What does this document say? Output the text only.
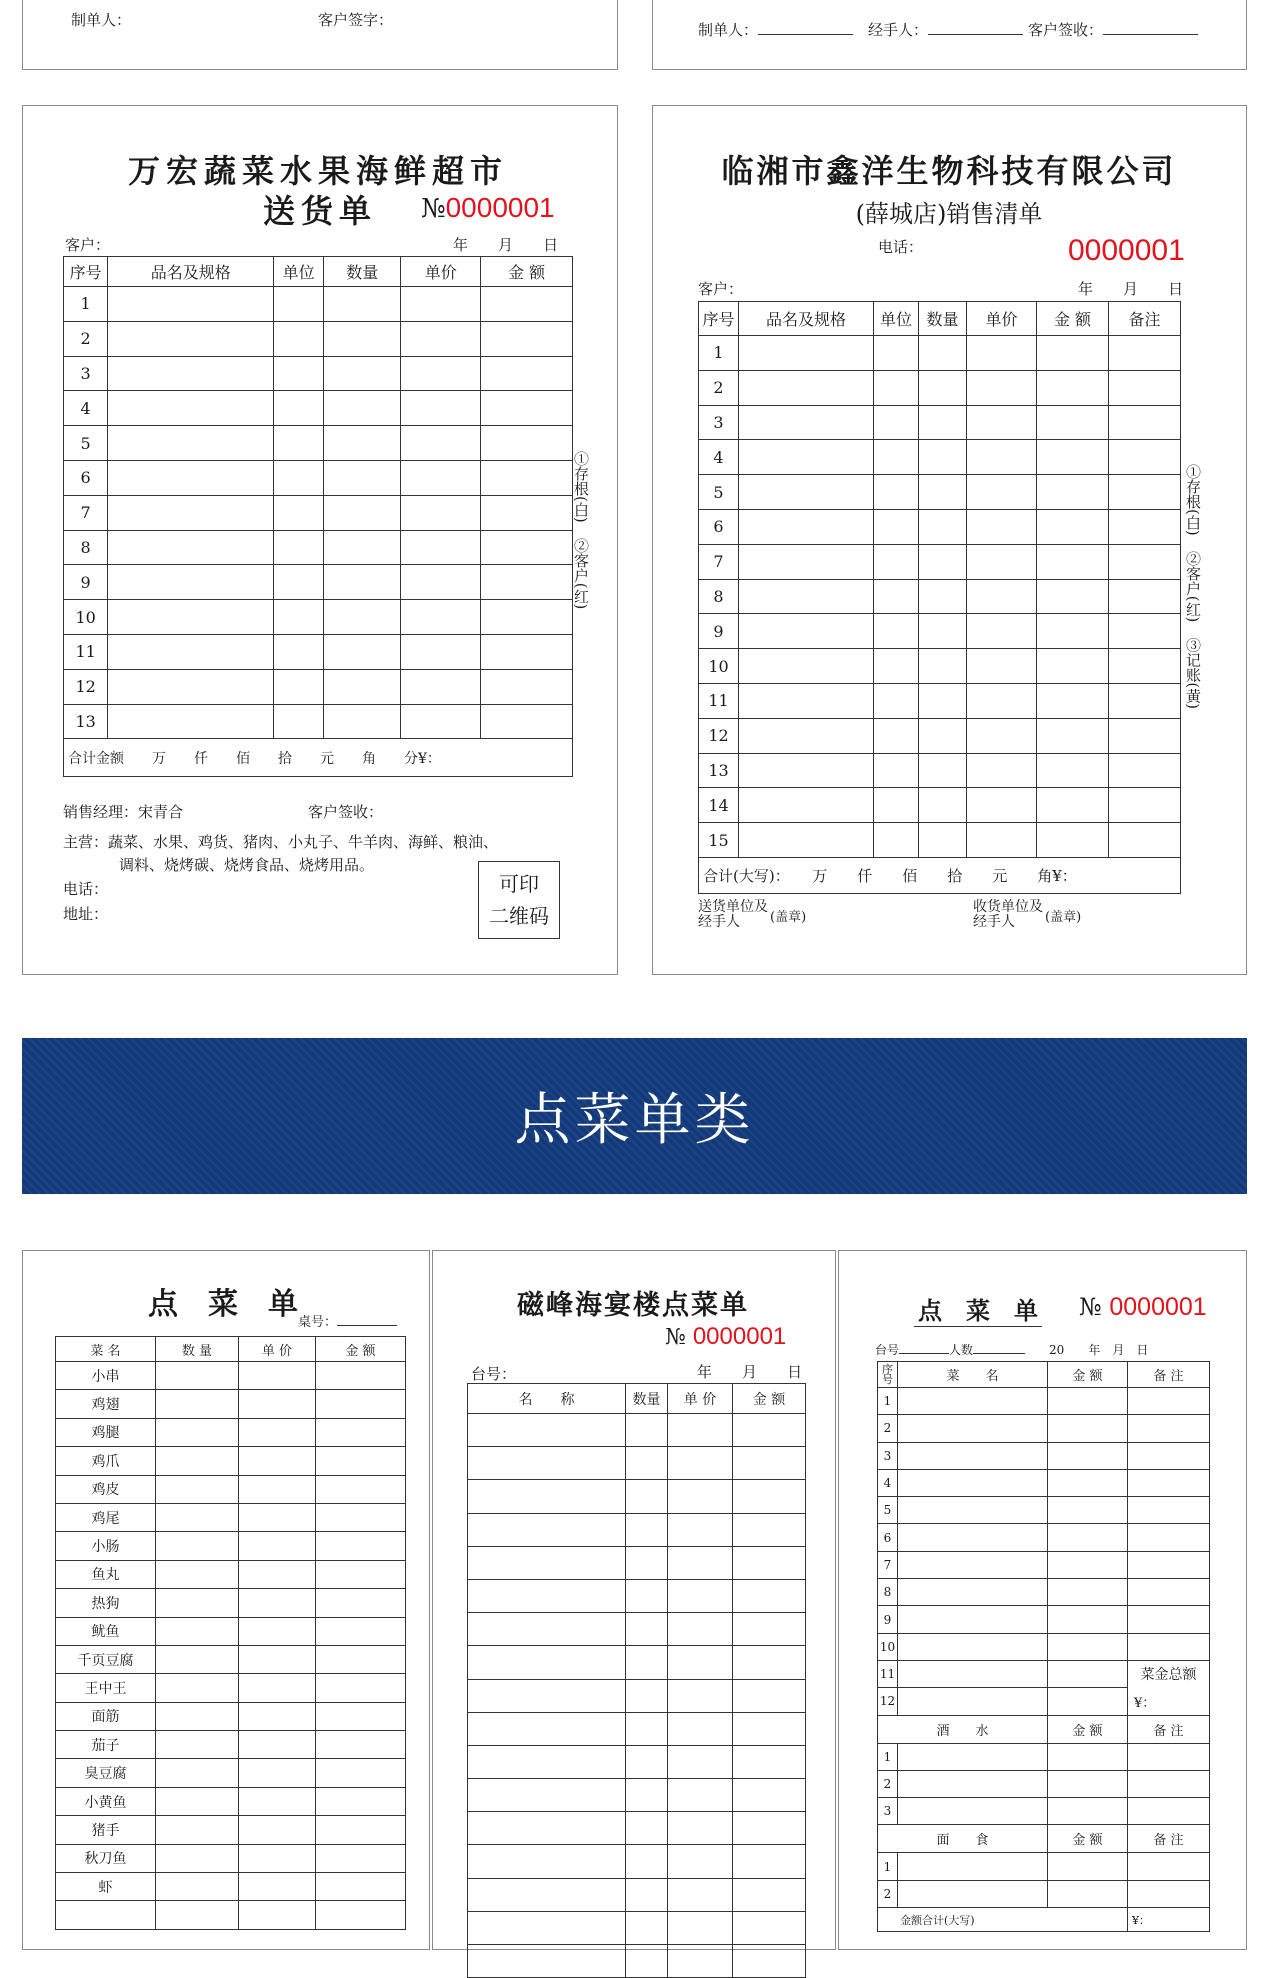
制单人：	客户签字：
制单人：	经手人：	客户签收：
万宏蔬菜水果海鲜超市
送货单 №0000001
客户：	年　　 月　　 日
序号	品名及规格	单位	数量	单价	金 额
1					
2					
3					
4					
5					
6					
7					
8					
9					
10					
11					
12					
13					
合计金额　　万　　仟　　佰　　拾　　元　　角　　分¥：					
①存根(白)　②客户(红)
销售经理：宋青合	客户签收：
主营：蔬菜、水果、鸡货、猪肉、小丸子、牛羊肉、海鲜、粮油、
调料、烧烤碳、烧烤食品、烧烤用品。
电话：
地址：
可印
二维码
临湘市鑫洋生物科技有限公司
(薛城店)销售清单
电话：	0000001
客户：	年　　 月　　 日
序号	品名及规格	单位	数量	单价	金 额	备注
1						
2						
3						
4						
5						
6						
7						
8						
9						
10						
11						
12						
13						
14						
15						
合计(大写)：　　万　　仟　　佰　　拾　　元　　角¥：						
①存根(白)　②客户(红)　③记账(黄)
送货单位及经手人	(盖章)
收货单位及经手人	(盖章)
点菜单类
点　菜　单
桌号：
菜 名	数 量	单 价	金 额
小串			
鸡翅			
鸡腿			
鸡爪			
鸡皮			
鸡尾			
小肠			
鱼丸			
热狗			
鱿鱼			
千页豆腐			
王中王			
面筋			
茄子			
臭豆腐			
小黄鱼			
猪手			
秋刀鱼			
虾			

磁峰海宴楼点菜单
№ 0000001
台号：	年　　 月　　 日
名　　称	数量	单 价	金 额

点　菜　单 № 0000001
台号	人数　　	20　　 年　 月　 日
序号	菜　　名	金 额	备 注
1			
2			
3			
4			
5			
6			
7			
8			
9			
10			
11			菜金总额
12			¥：
酒　　水		金 额	备 注
1			
2			
3			
面　　食		金 额	备 注
1			
2			
金额合计(大写)			¥：
